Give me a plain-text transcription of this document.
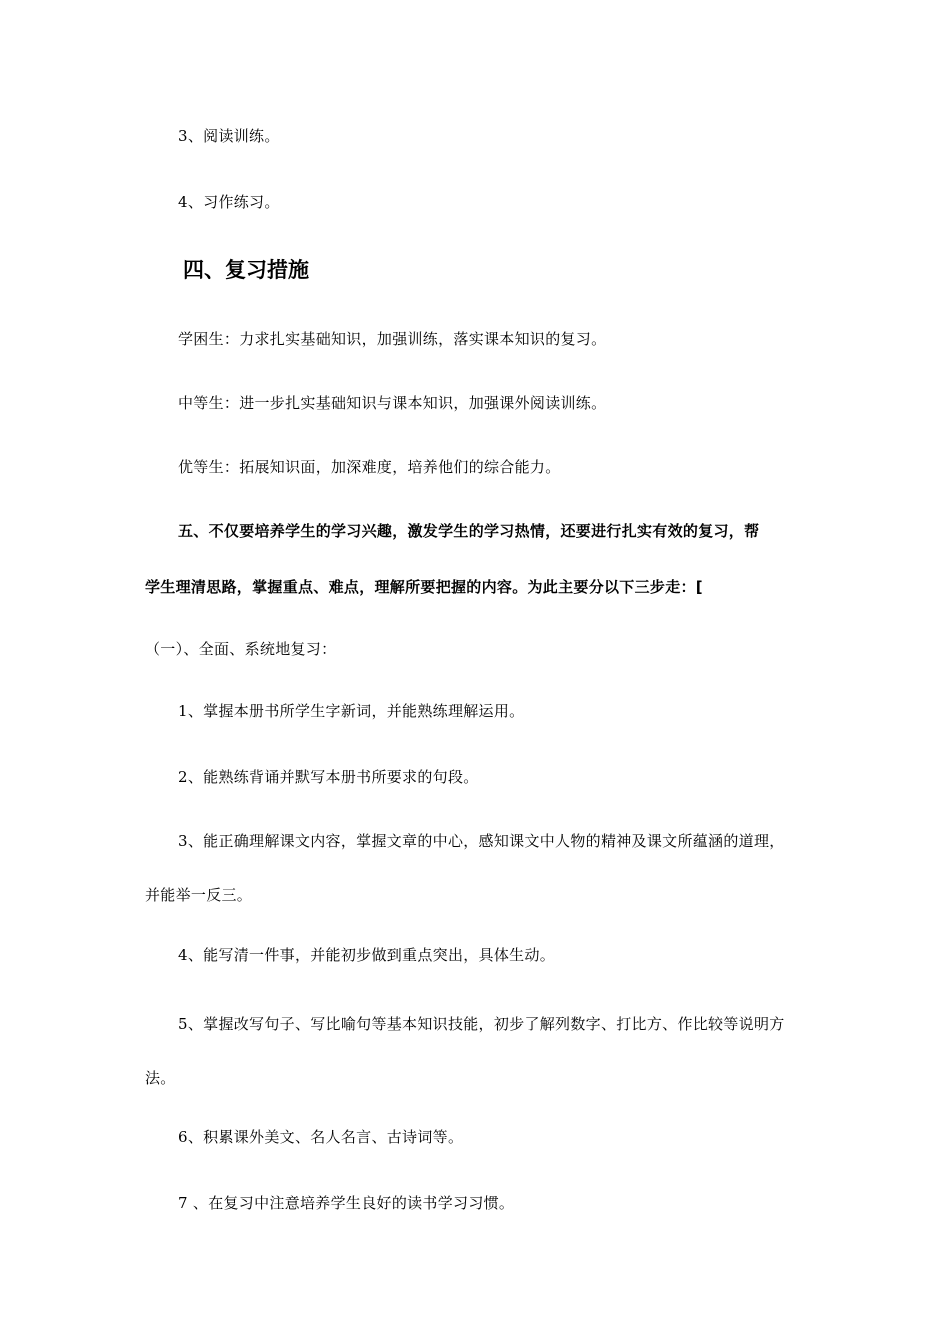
3、阅读训练。
4、习作练习。
四、复习措施
学困生：力求扎实基础知识，加强训练，落实课本知识的复习。
中等生：进一步扎实基础知识与课本知识，加强课外阅读训练。
优等生：拓展知识面，加深难度，培养他们的综合能力。
五、不仅要培养学生的学习兴趣，激发学生的学习热情，还要进行扎实有效的复习，帮
学生理清思路，掌握重点、难点，理解所要把握的内容。为此主要分以下三步走：[
（一）、全面、系统地复习：
1、掌握本册书所学生字新词，并能熟练理解运用。
2、能熟练背诵并默写本册书所要求的句段。
3、能正确理解课文内容，掌握文章的中心，感知课文中人物的精神及课文所蕴涵的道理，
并能举一反三。
4、能写清一件事，并能初步做到重点突出，具体生动。
5、掌握改写句子、写比喻句等基本知识技能，初步了解列数字、打比方、作比较等说明方
法。
6、积累课外美文、名人名言、古诗词等。
7 、在复习中注意培养学生良好的读书学习习惯。
